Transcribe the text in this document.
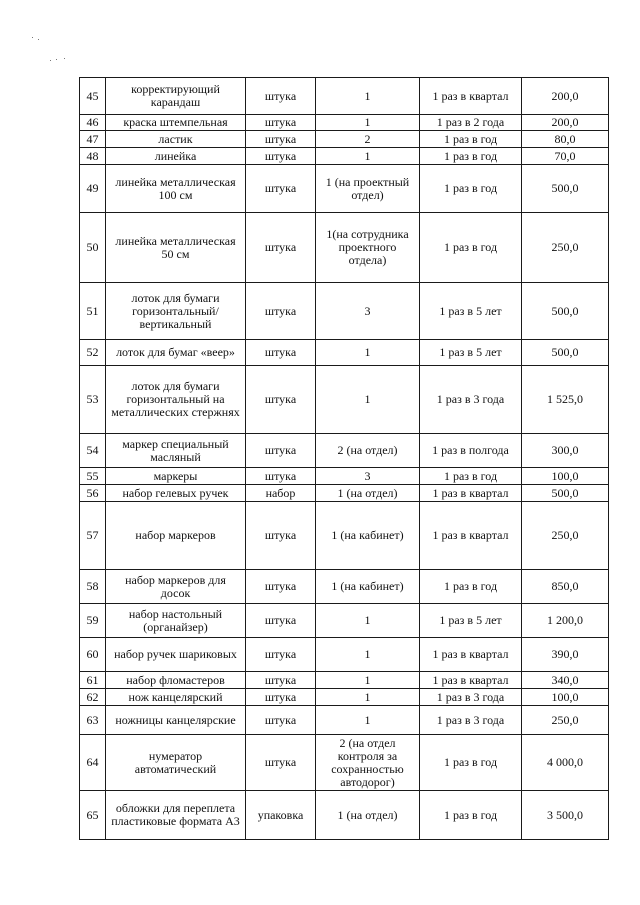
45	корректирующий карандаш	штука	1	1 раз в квартал	200,0
46	краска штемпельная	штука	1	1 раз в 2 года	200,0
47	ластик	штука	2	1 раз в год	80,0
48	линейка	штука	1	1 раз в год	70,0
49	линейка металлическая 100 см	штука	1 (на проектный отдел)	1 раз в год	500,0
50	линейка металлическая 50 см	штука	1(на сотрудника проектного отдела)	1 раз в год	250,0
51	лоток для бумаги горизонтальный/вертикальный	штука	3	1 раз в 5 лет	500,0
52	лоток для бумаг «веер»	штука	1	1 раз в 5 лет	500,0
53	лоток для бумаги горизонтальный на металлических стержнях	штука	1	1 раз в 3 года	1 525,0
54	маркер специальный масляный	штука	2 (на отдел)	1 раз в полгода	300,0
55	маркеры	штука	3	1 раз в год	100,0
56	набор гелевых ручек	набор	1 (на отдел)	1 раз в квартал	500,0
57	набор маркеров	штука	1 (на кабинет)	1 раз в квартал	250,0
58	набор маркеров для досок	штука	1 (на кабинет)	1 раз в год	850,0
59	набор настольный (органайзер)	штука	1	1 раз в 5 лет	1 200,0
60	набор ручек шариковых	штука	1	1 раз в квартал	390,0
61	набор фломастеров	штука	1	1 раз в квартал	340,0
62	нож канцелярский	штука	1	1 раз в 3 года	100,0
63	ножницы канцелярские	штука	1	1 раз в 3 года	250,0
64	нумератор автоматический	штука	2 (на отдел контроля за сохранностью автодорог)	1 раз в год	4 000,0
65	обложки для переплета пластиковые формата А3	упаковка	1 (на отдел)	1 раз в год	3 500,0
